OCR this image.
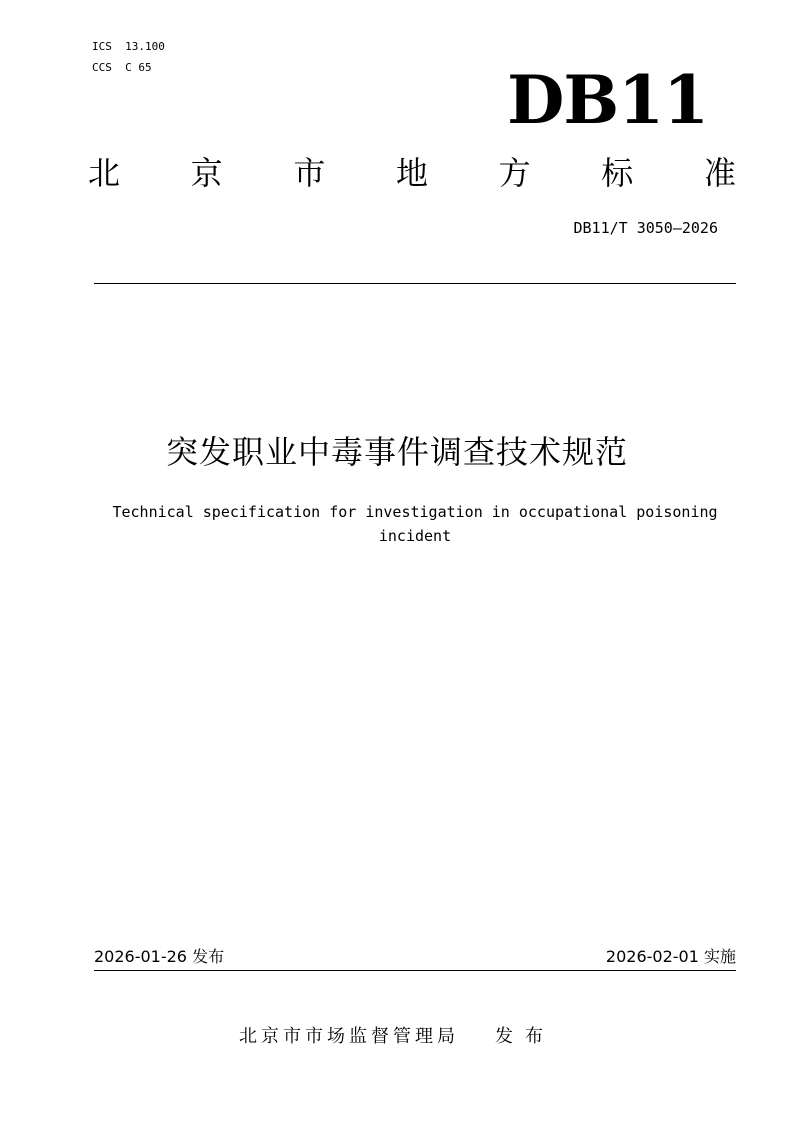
ICS  13.100
CCS  C 65	DB11
北 京 市 地 方 标 准
DB11/T 3050—2026
突发职业中毒事件调查技术规范
Technical specification for investigation in occupational poisoning incident
2026-01-26 发布	2026-02-01 实施
北京市市场监督管理局 发布
